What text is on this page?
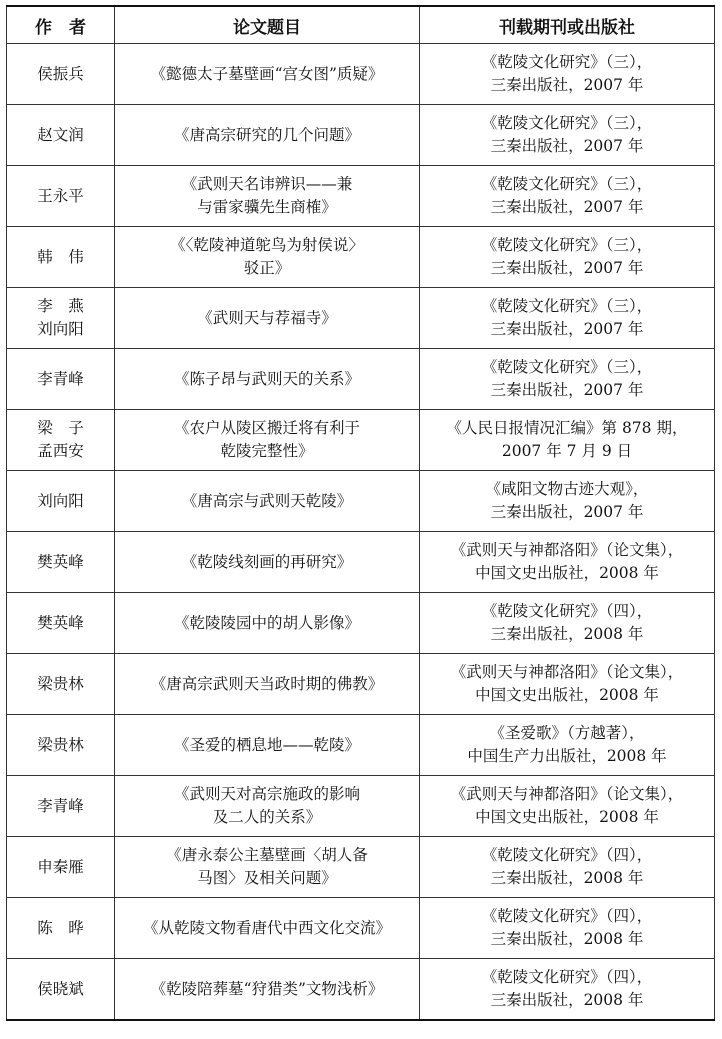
作　者	论文题目	刊载期刊或出版社

侯振兵	《懿德太子墓壁画“宫女图”质疑》	《乾陵文化研究》（三），
三秦出版社，2007 年

赵文润	《唐高宗研究的几个问题》	《乾陵文化研究》（三），
三秦出版社，2007 年

王永平	《武则天名讳辨识——兼
与雷家骥先生商榷》	《乾陵文化研究》（三），
三秦出版社，2007 年

韩　伟	《〈乾陵神道鸵鸟为射侯说〉
驳正》	《乾陵文化研究》（三），
三秦出版社，2007 年

李　燕
刘向阳	《武则天与荐福寺》	《乾陵文化研究》（三），
三秦出版社，2007 年

李青峰	《陈子昂与武则天的关系》	《乾陵文化研究》（三），
三秦出版社，2007 年

梁　子
孟西安	《农户从陵区搬迁将有利于
乾陵完整性》	《人民日报情况汇编》第 878 期，
2007 年 7 月 9 日

刘向阳	《唐高宗与武则天乾陵》	《咸阳文物古迹大观》，
三秦出版社，2007 年

樊英峰	《乾陵线刻画的再研究》	《武则天与神都洛阳》（论文集），
中国文史出版社，2008 年

樊英峰	《乾陵陵园中的胡人影像》	《乾陵文化研究》（四），
三秦出版社，2008 年

梁贵林	《唐高宗武则天当政时期的佛教》	《武则天与神都洛阳》（论文集），
中国文史出版社，2008 年

梁贵林	《圣爱的栖息地——乾陵》	《圣爱歌》（方越著），
中国生产力出版社，2008 年

李青峰	《武则天对高宗施政的影响
及二人的关系》	《武则天与神都洛阳》（论文集），
中国文史出版社，2008 年

申秦雁	《唐永泰公主墓壁画〈胡人备
马图〉及相关问题》	《乾陵文化研究》（四），
三秦出版社，2008 年

陈　晔	《从乾陵文物看唐代中西文化交流》	《乾陵文化研究》（四），
三秦出版社，2008 年

侯晓斌	《乾陵陪葬墓“狩猎类”文物浅析》	《乾陵文化研究》（四），
三秦出版社，2008 年
